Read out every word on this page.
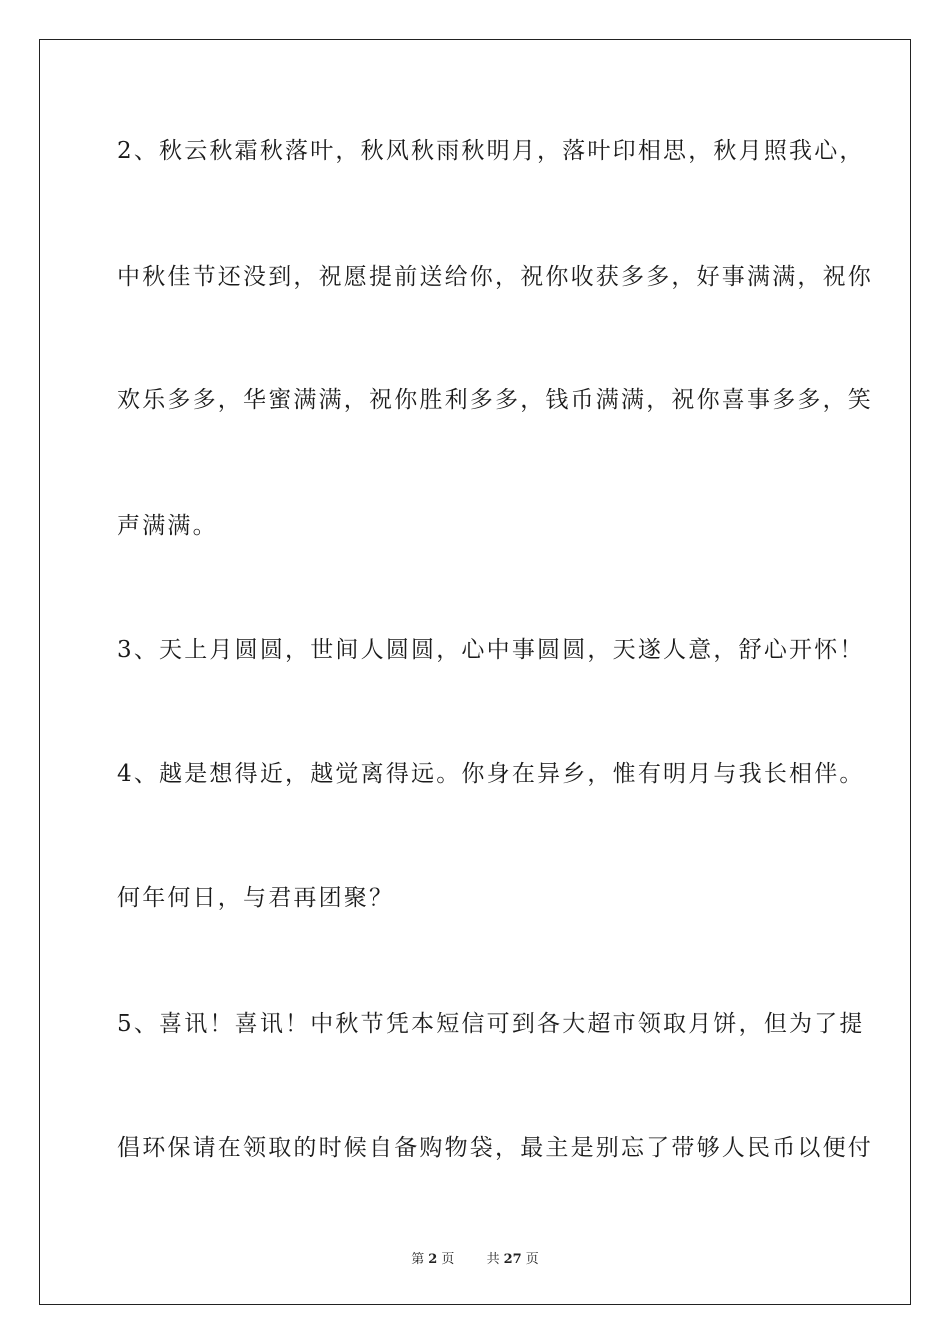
2、秋云秋霜秋落叶，秋风秋雨秋明月，落叶印相思，秋月照我心，
中秋佳节还没到，祝愿提前送给你，祝你收获多多，好事满满，祝你
欢乐多多，华蜜满满，祝你胜利多多，钱币满满，祝你喜事多多，笑
声满满。
3、天上月圆圆，世间人圆圆，心中事圆圆，天遂人意，舒心开怀！
4、越是想得近，越觉离得远。你身在异乡，惟有明月与我长相伴。
何年何日，与君再团聚？
5、喜讯！喜讯！中秋节凭本短信可到各大超市领取月饼，但为了提
倡环保请在领取的时候自备购物袋，最主是别忘了带够人民币以便付
第 2 页 共 27 页
